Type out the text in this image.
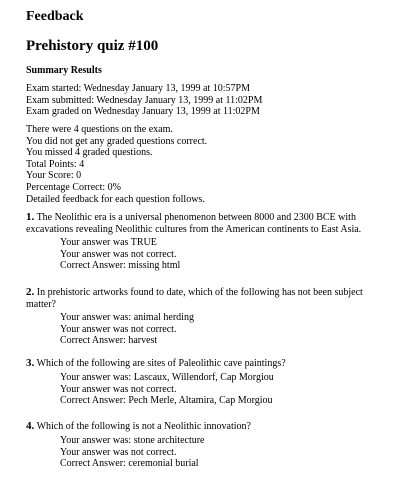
Feedback
Prehistory quiz #100
Summary Results
Exam started: Wednesday January 13, 1999 at 10:57PM
Exam submitted: Wednesday January 13, 1999 at 11:02PM
Exam graded on Wednesday January 13, 1999 at 11:02PM
There were 4 questions on the exam.
You did not get any graded questions correct.
You missed 4 graded questions.
Total Points: 4
Your Score: 0
Percentage Correct: 0%
Detailed feedback for each question follows.
1. The Neolithic era is a universal phenomenon between 8000 and 2300 BCE with excavations revealing Neolithic cultures from the American continents to East Asia.
Your answer was TRUE
Your answer was not correct.
Correct Answer: missing html
2. In prehistoric artworks found to date, which of the following has not been subject matter?
Your answer was: animal herding
Your answer was not correct.
Correct Answer: harvest
3. Which of the following are sites of Paleolithic cave paintings?
Your answer was: Lascaux, Willendorf, Cap Morgiou
Your answer was not correct.
Correct Answer: Pech Merle, Altamira, Cap Morgiou
4. Which of the following is not a Neolithic innovation?
Your answer was: stone architecture
Your answer was not correct.
Correct Answer: ceremonial burial
